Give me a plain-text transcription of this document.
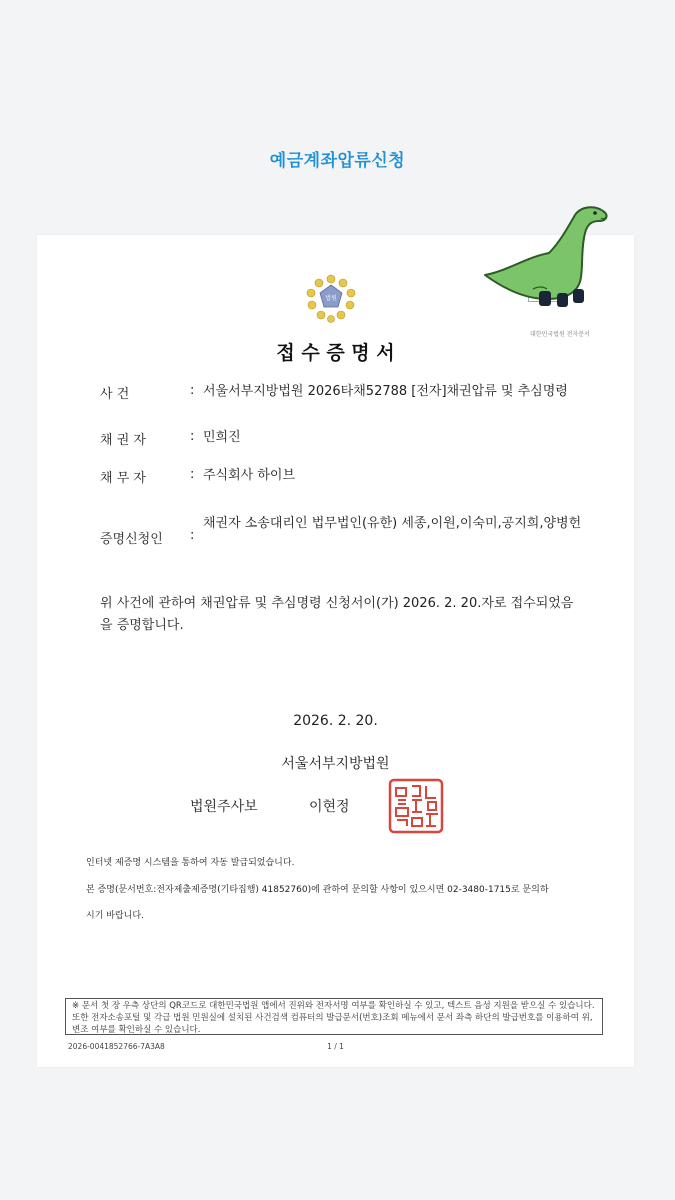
예금계좌압류신청
법원
대한민국법원 전자문서
접 수 증 명 서
사 건	: 서울서부지방법원 2026타채52788 [전자]채권압류 및 추심명령
채 권 자	: 민희진
채 무 자	: 주식회사 하이브
증명신청인	:
채권자 소송대리인 법무법인(유한) 세종,이원,이숙미,공지희,양병헌
위 사건에 관하여 채권압류 및 추심명령 신청서이(가) 2026. 2. 20.자로 접수되었음을 증명합니다.
2026. 2. 20.
서울서부지방법원
법원주사보	이현정
인터넷 제증명 시스템을 통하여 자동 발급되었습니다.
본 증명(문서번호:전자제출제증명(기타집행) 41852760)에 관하여 문의할 사항이 있으시면 02-3480-1715로 문의하
시기 바랍니다.
※ 문서 첫 장 우측 상단의 QR코드로 대한민국법원 앱에서 진위와 전자서명 여부를 확인하실 수 있고, 텍스트 음성 지원을 받으실 수 있습니다. 또한 전자소송포털 및 각급 법원 민원실에 설치된 사건검색 컴퓨터의 발급문서(번호)조회 메뉴에서 문서 좌측 하단의 발급번호를 이용하여 위,변조 여부를 확인하실 수 있습니다.
2026-0041852766-7A3A8	1 / 1
